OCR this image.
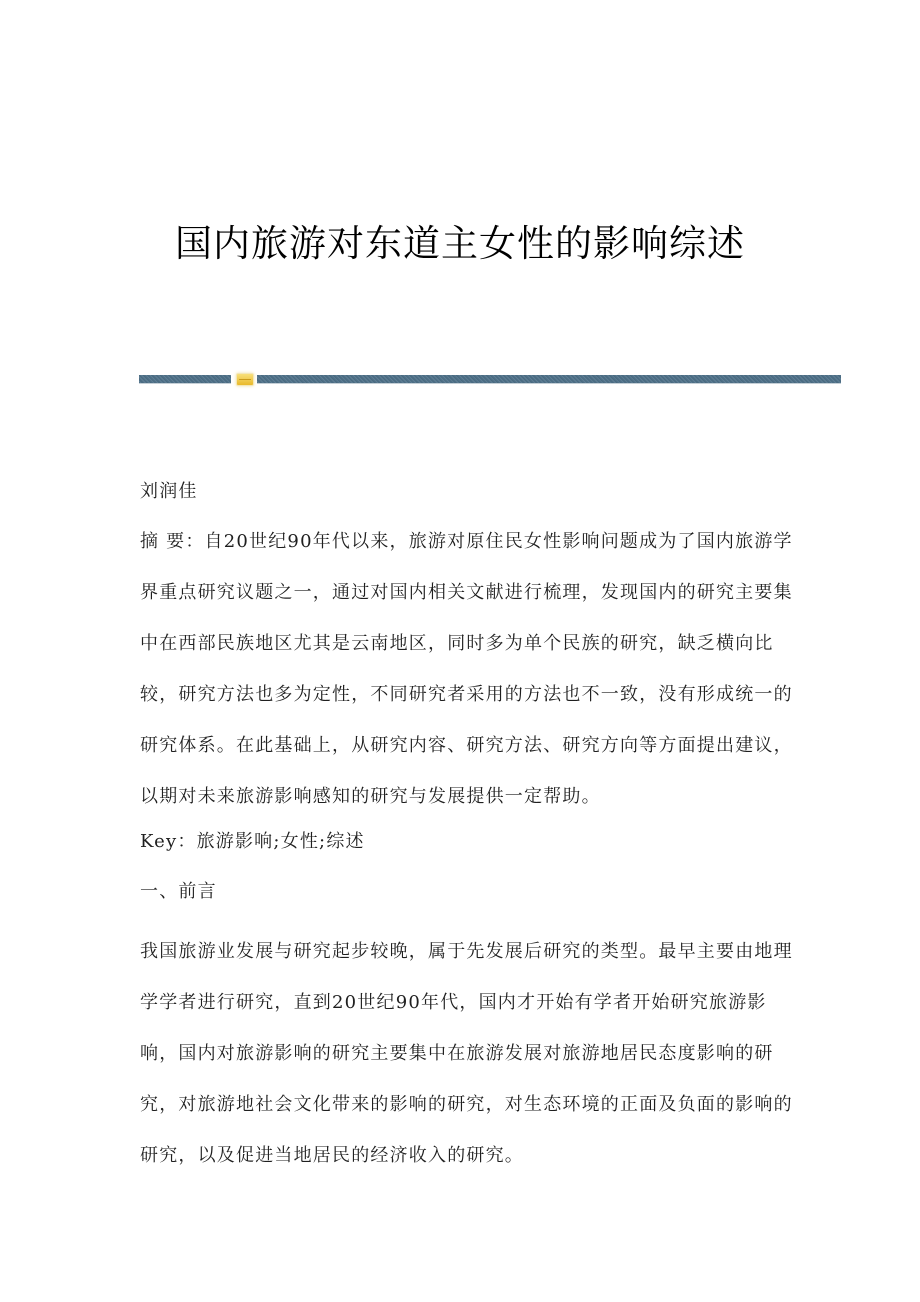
国内旅游对东道主女性的影响综述
刘润佳
摘 要：自20世纪90年代以来，旅游对原住民女性影响问题成为了国内旅游学
界重点研究议题之一，通过对国内相关文献进行梳理，发现国内的研究主要集
中在西部民族地区尤其是云南地区，同时多为单个民族的研究，缺乏横向比
较，研究方法也多为定性，不同研究者采用的方法也不一致，没有形成统一的
研究体系。在此基础上，从研究内容、研究方法、研究方向等方面提出建议，
以期对未来旅游影响感知的研究与发展提供一定帮助。
Key：旅游影响;女性;综述
一、前言
我国旅游业发展与研究起步较晚，属于先发展后研究的类型。最早主要由地理
学学者进行研究，直到20世纪90年代，国内才开始有学者开始研究旅游影
响，国内对旅游影响的研究主要集中在旅游发展对旅游地居民态度影响的研
究，对旅游地社会文化带来的影响的研究，对生态环境的正面及负面的影响的
研究，以及促进当地居民的经济收入的研究。
